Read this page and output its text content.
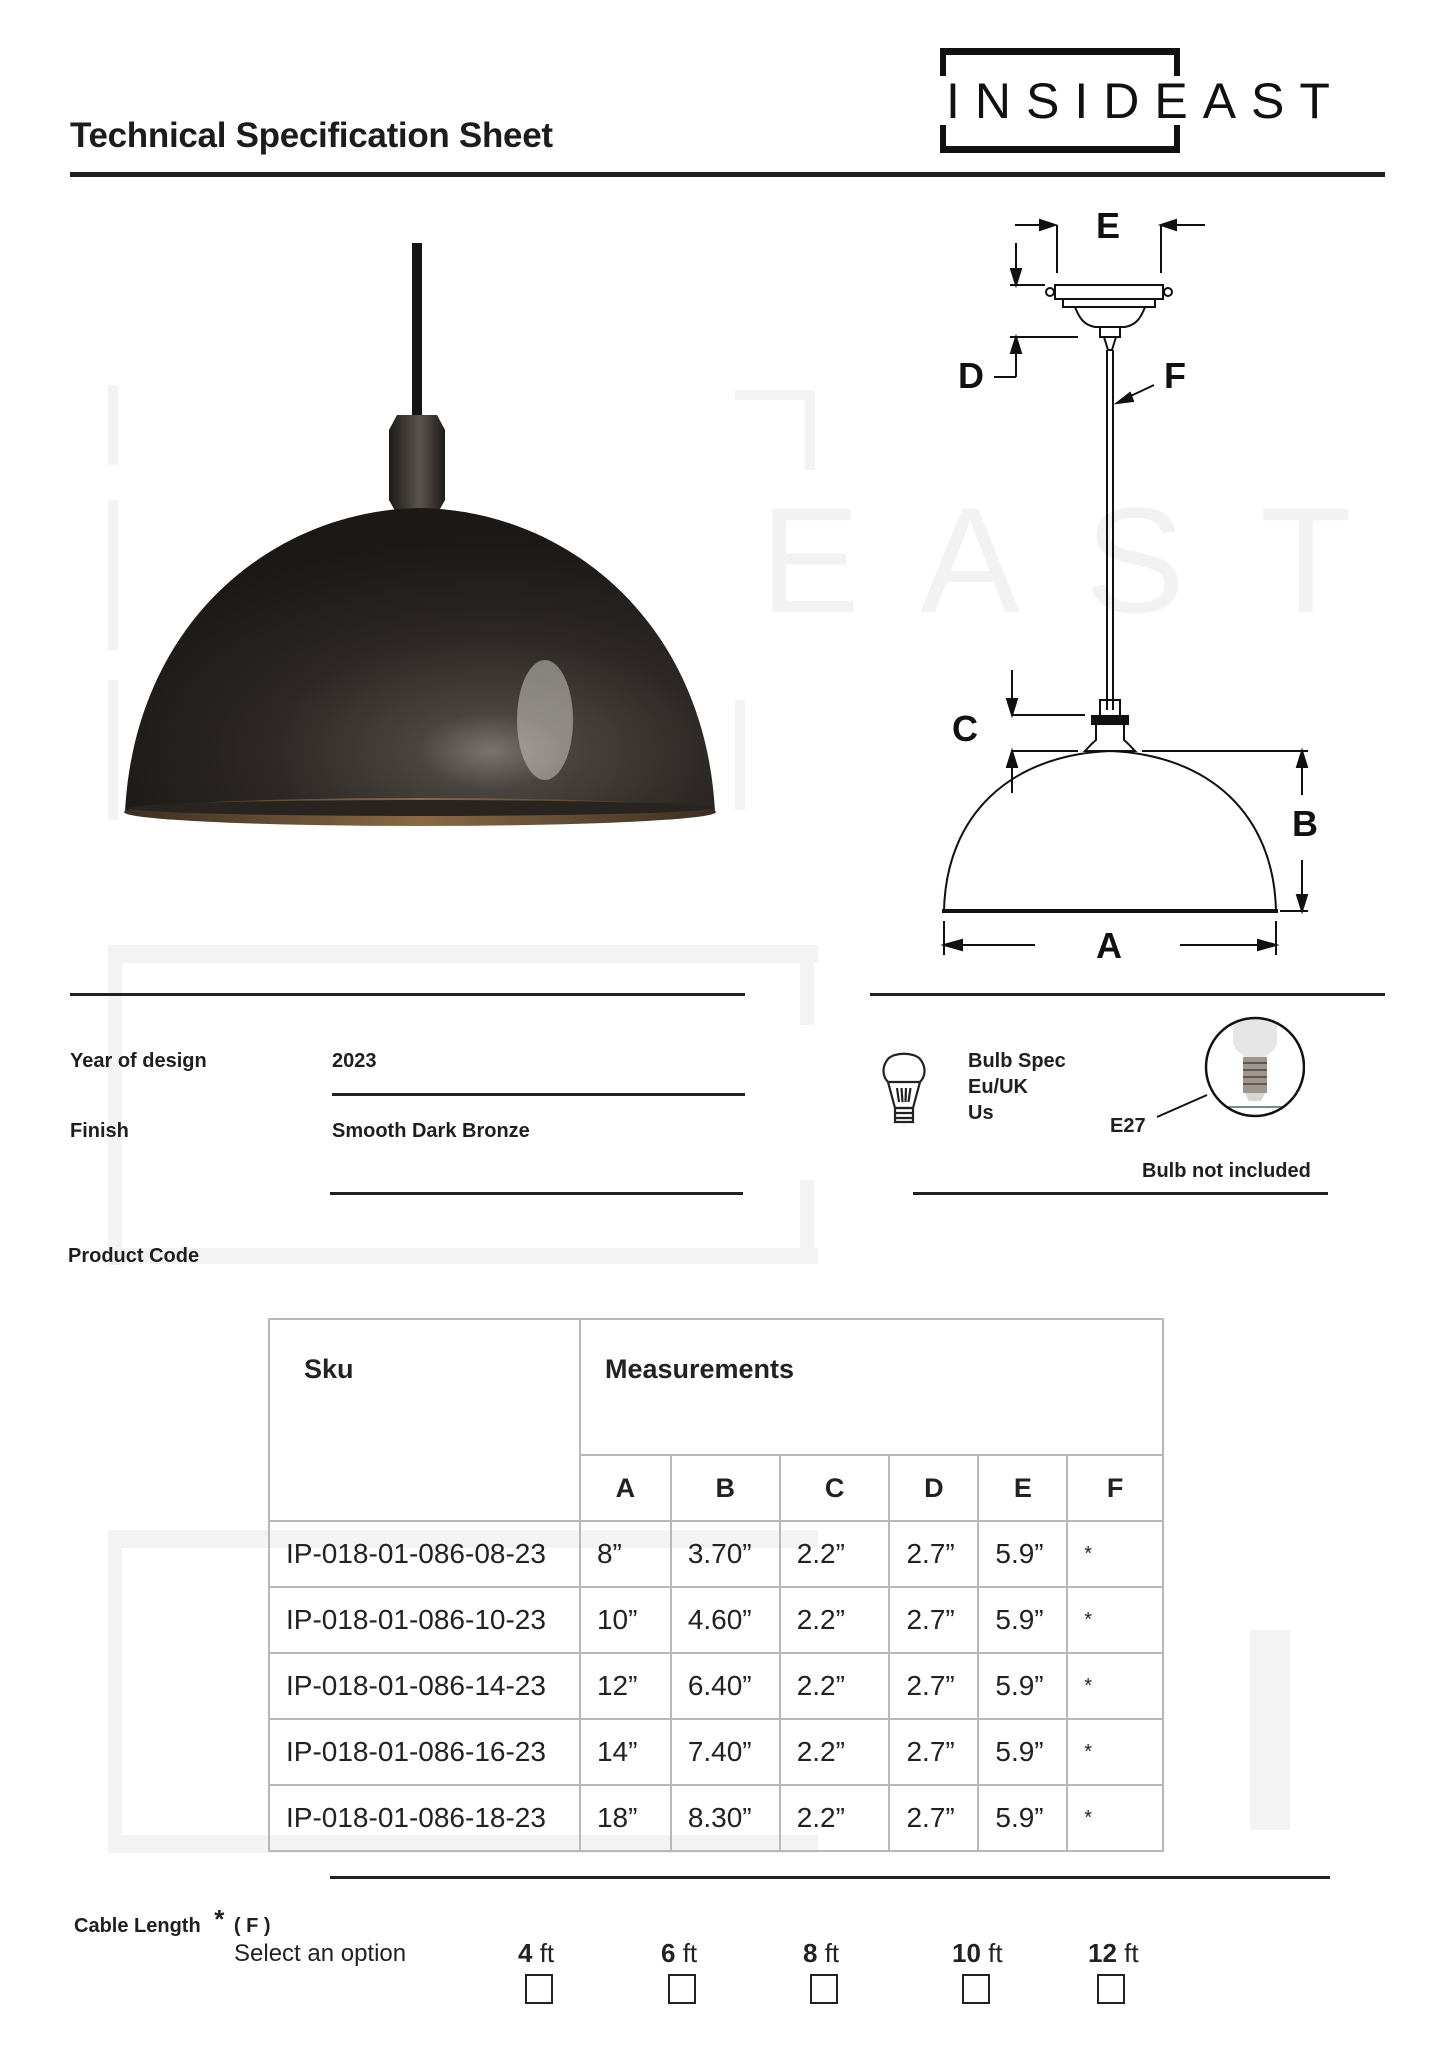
E A S T
Technical Specification Sheet
INSIDEAST
E
D	F
C
B
A
Year of design	2023
Finish	Smooth Dark Bronze
Bulb Spec
Eu/UK
Us
E27
Bulb not included
Product Code
Sku	Measurements					
	A	B	C	D	E	F
IP-018-01-086-08-23	8”	3.70”	2.2”	2.7”	5.9”	*
IP-018-01-086-10-23	10”	4.60”	2.2”	2.7”	5.9”	*
IP-018-01-086-14-23	12”	6.40”	2.2”	2.7”	5.9”	*
IP-018-01-086-16-23	14”	7.40”	2.2”	2.7”	5.9”	*
IP-018-01-086-18-23	18”	8.30”	2.2”	2.7”	5.9”	*
Cable Length * ( F )
Select an option	4 ft	6 ft	8 ft	10 ft	12 ft
